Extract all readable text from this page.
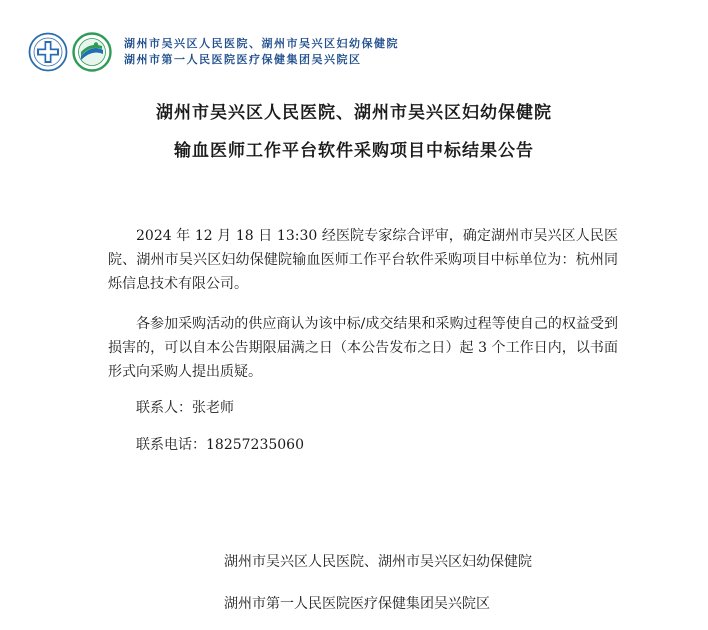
湖州市吴兴区人民医院、湖州市吴兴区妇幼保健院
湖州市第一人民医院医疗保健集团吴兴院区
湖州市吴兴区人民医院、湖州市吴兴区妇幼保健院
输血医师工作平台软件采购项目中标结果公告
2024 年 12 月 18 日 13:30 经医院专家综合评审，确定湖州市吴兴区人民医院、湖州市吴兴区妇幼保健院输血医师工作平台软件采购项目中标单位为：杭州同烁信息技术有限公司。
各参加采购活动的供应商认为该中标/成交结果和采购过程等使自己的权益受到损害的，可以自本公告期限届满之日（本公告发布之日）起 3 个工作日内，以书面形式向采购人提出质疑。
联系人：张老师
联系电话：18257235060
湖州市吴兴区人民医院、湖州市吴兴区妇幼保健院
湖州市第一人民医院医疗保健集团吴兴院区
